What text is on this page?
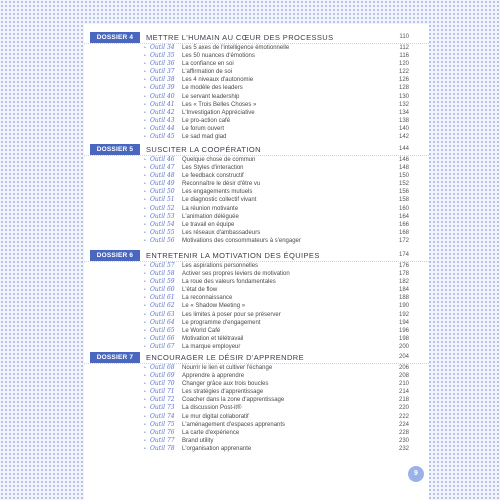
DOSSIER 4	METTRE L'HUMAIN AU CŒUR DES PROCESSUS	110
• Outil 34 Les 5 axes de l'intelligence émotionnelle	112
• Outil 35 Les 50 nuances d'émotions	116
• Outil 36 La confiance en soi	120
• Outil 37 L'affirmation de soi	122
• Outil 38 Les 4 niveaux d'autonomie	126
• Outil 39 Le modèle des leaders	128
• Outil 40 Le servant leadership	130
• Outil 41 Les « Trois Belles Choses »	132
• Outil 42 L'Investigation Appréciative	134
• Outil 43 Le pro-action café	138
• Outil 44 Le forum ouvert	140
• Outil 45 Le sad mad glad	142
DOSSIER 5	SUSCITER LA COOPÉRATION	144
• Outil 46 Quelque chose de commun	146
• Outil 47 Les Styles d'interaction	148
• Outil 48 Le feedback constructif	150
• Outil 49 Reconnaître le désir d'être vu	152
• Outil 50 Les engagements mutuels	156
• Outil 51 Le diagnostic collectif vivant	158
• Outil 52 La réunion motivante	160
• Outil 53 L'animation déléguée	164
• Outil 54 Le travail en équipe	166
• Outil 55 Les réseaux d'ambassadeurs	168
• Outil 56 Motivations des consommateurs à s'engager	172
DOSSIER 6	ENTRETENIR LA MOTIVATION DES ÉQUIPES	174
• Outil 57 Les aspirations personnelles	176
• Outil 58 Activer ses propres leviers de motivation	178
• Outil 59 La roue des valeurs fondamentales	182
• Outil 60 L'état de flow	184
• Outil 61 La reconnaissance	188
• Outil 62 Le « Shadow Meeting »	190
• Outil 63 Les limites à poser pour se préserver	192
• Outil 64 Le programme d'engagement	194
• Outil 65 Le World Café	196
• Outil 66 Motivation et télétravail	198
• Outil 67 La marque employeur	200
DOSSIER 7	ENCOURAGER LE DÉSIR D'APPRENDRE	204
• Outil 68 Nourrir le lien et cultiver l'échange	206
• Outil 69 Apprendre à apprendre	208
• Outil 70 Changer grâce aux trois boucles	210
• Outil 71 Les stratégies d'apprentissage	214
• Outil 72 Coacher dans la zone d'apprentissage	218
• Outil 73 La discussion Post-it®	220
• Outil 74 Le mur digital collaboratif	222
• Outil 75 L'aménagement d'espaces apprenants	224
• Outil 76 La carte d'expérience	228
• Outil 77 Brand utility	230
• Outil 78 L'organisation apprenante	232
9
